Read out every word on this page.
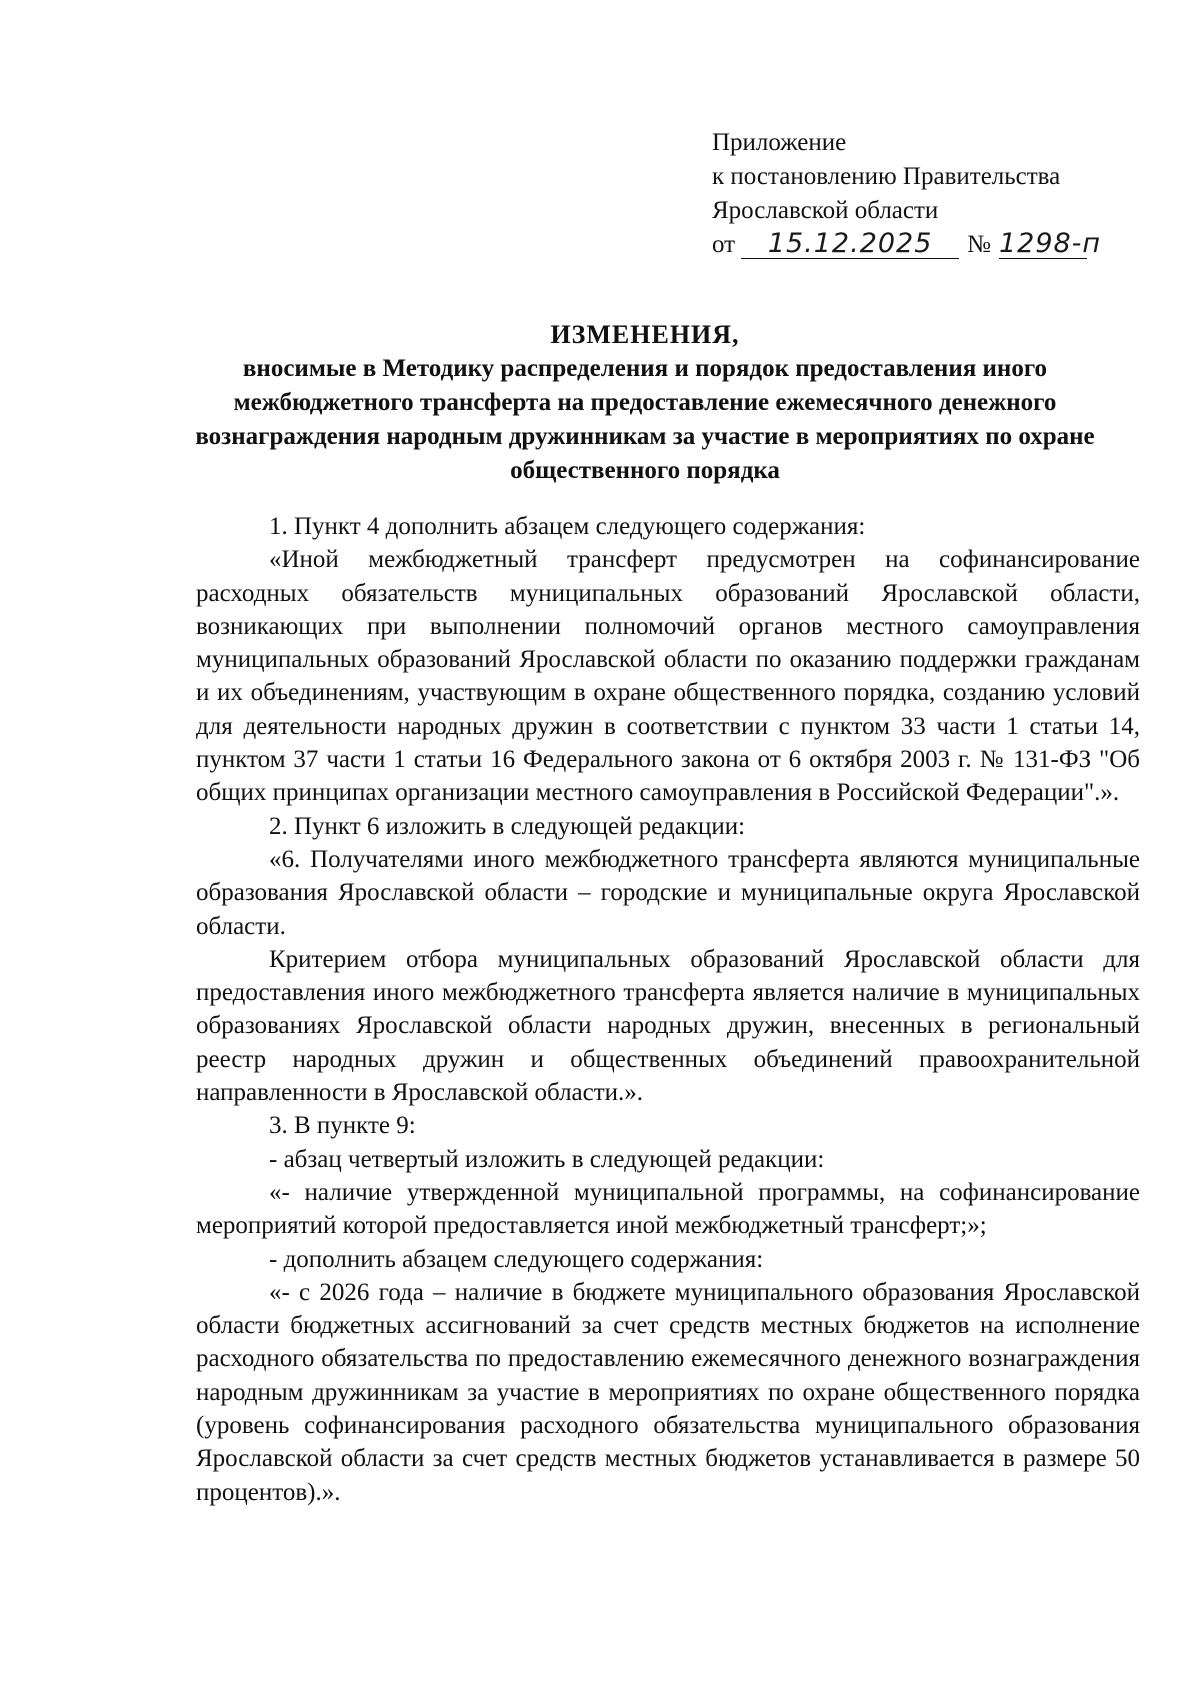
Приложение
к постановлению Правительства
Ярославской области
от 15.12.2025 № 1298-п
ИЗМЕНЕНИЯ,
вносимые в Методику распределения и порядок предоставления иного межбюджетного трансферта на предоставление ежемесячного денежного вознаграждения народным дружинникам за участие в мероприятиях по охране общественного порядка

1. Пункт 4 дополнить абзацем следующего содержания:

«Иной межбюджетный трансферт предусмотрен на софинансирование расходных обязательств муниципальных образований Ярославской области, возникающих при выполнении полномочий органов местного самоуправления муниципальных образований Ярославской области по оказанию поддержки гражданам и их объединениям, участвующим в охране общественного порядка, созданию условий для деятельности народных дружин в соответствии с пунктом 33 части 1 статьи 14, пунктом 37 части 1 статьи 16 Федерального закона от 6 октября 2003 г. № 131-ФЗ "Об общих принципах организации местного самоуправления в Российской Федерации".».

2. Пункт 6 изложить в следующей редакции:

«6. Получателями иного межбюджетного трансферта являются муниципальные образования Ярославской области – городские и муниципальные округа Ярославской области.

Критерием отбора муниципальных образований Ярославской области для предоставления иного межбюджетного трансферта является наличие в муниципальных образованиях Ярославской области народных дружин, внесенных в региональный реестр народных дружин и общественных объединений правоохранительной направленности в Ярославской области.».

3. В пункте 9:

- абзац четвертый изложить в следующей редакции:

«- наличие утвержденной муниципальной программы, на софинансирование мероприятий которой предоставляется иной межбюджетный трансферт;»;

- дополнить абзацем следующего содержания:

«- с 2026 года – наличие в бюджете муниципального образования Ярославской области бюджетных ассигнований за счет средств местных бюджетов на исполнение расходного обязательства по предоставлению ежемесячного денежного вознаграждения народным дружинникам за участие в мероприятиях по охране общественного порядка (уровень софинансирования расходного обязательства муниципального образования Ярославской области за счет средств местных бюджетов устанавливается в размере 50 процентов).».
